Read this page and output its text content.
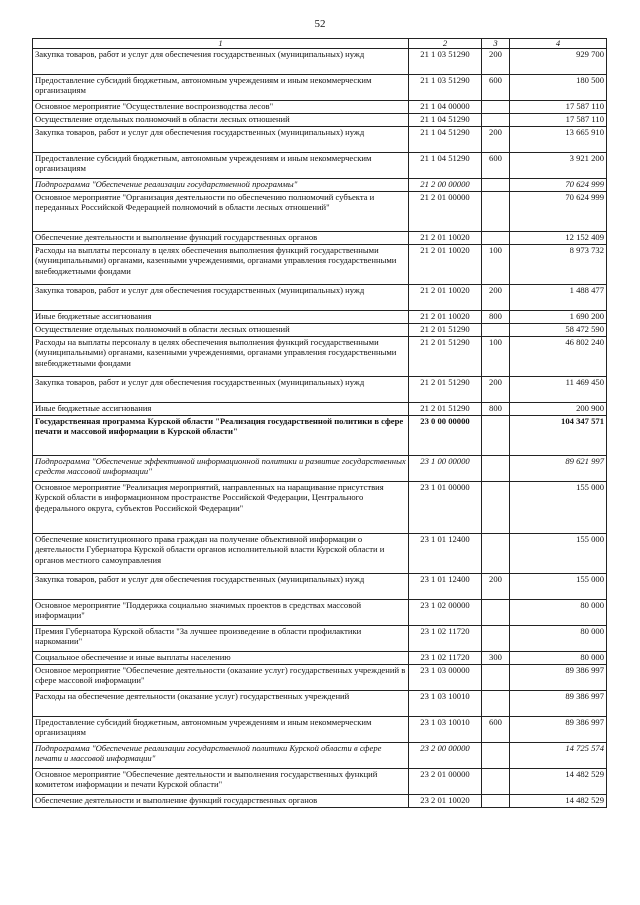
52
1	2	3	4
Закупка товаров, работ и услуг для обеспечения государственных (муниципальных) нужд	21 1 03 51290	200	929 700
Предоставление субсидий бюджетным, автономным учреждениям и иным некоммерческим организациям	21 1 03 51290	600	180 500
Основное мероприятие "Осуществление воспроизводства лесов"	21 1 04 00000		17 587 110
Осуществление отдельных полномочий в области лесных отношений	21 1 04 51290		17 587 110
Закупка товаров, работ и услуг для обеспечения государственных (муниципальных) нужд	21 1 04 51290	200	13 665 910
Предоставление субсидий бюджетным, автономным учреждениям и иным некоммерческим организациям	21 1 04 51290	600	3 921 200
Подпрограмма "Обеспечение реализации государственной программы"	21 2 00 00000		70 624 999
Основное мероприятие "Организация деятельности по обеспечению полномочий субъекта и переданных Российской Федерацией полномочий в области лесных отношений"	21 2 01 00000		70 624 999
Обеспечение деятельности и выполнение функций государственных органов	21 2 01 10020		12 152 409
Расходы на выплаты персоналу в целях обеспечения выполнения функций государственными (муниципальными) органами, казенными учреждениями, органами управления государственными внебюджетными фондами	21 2 01 10020	100	8 973 732
Закупка товаров, работ и услуг для обеспечения государственных (муниципальных) нужд	21 2 01 10020	200	1 488 477
Иные бюджетные ассигнования	21 2 01 10020	800	1 690 200
Осуществление отдельных полномочий в области лесных отношений	21 2 01 51290		58 472 590
Расходы на выплаты персоналу в целях обеспечения выполнения функций государственными (муниципальными) органами, казенными учреждениями, органами управления государственными внебюджетными фондами	21 2 01 51290	100	46 802 240
Закупка товаров, работ и услуг для обеспечения государственных (муниципальных) нужд	21 2 01 51290	200	11 469 450
Иные бюджетные ассигнования	21 2 01 51290	800	200 900
Государственная программа Курской области "Реализация государственной политики в сфере печати и массовой информации в Курской области"	23 0 00 00000		104 347 571
Подпрограмма "Обеспечение эффективной информационной политики и развитие государственных средств массовой информации"	23 1 00 00000		89 621 997
Основное мероприятие "Реализация мероприятий, направленных на наращивание присутствия Курской области в информационном пространстве Российской Федерации, Центрального федерального округа, субъектов Российской Федерации"	23 1 01 00000		155 000
Обеспечение конституционного права граждан на получение объективной информации о деятельности Губернатора Курской области органов исполнительной власти Курской области и органов местного самоуправления	23 1 01 12400		155 000
Закупка товаров, работ и услуг для обеспечения государственных (муниципальных) нужд	23 1 01 12400	200	155 000
Основное мероприятие "Поддержка социально значимых проектов в средствах массовой информации"	23 1 02 00000		80 000
Премия Губернатора Курской области "За лучшее произведение в области профилактики наркомании"	23 1 02 11720		80 000
Социальное обеспечение и иные выплаты населению	23 1 02 11720	300	80 000
Основное мероприятие "Обеспечение деятельности (оказание услуг) государственных учреждений в сфере массовой информации"	23 1 03 00000		89 386 997
Расходы на обеспечение деятельности (оказание услуг) государственных учреждений	23 1 03 10010		89 386 997
Предоставление субсидий бюджетным, автономным учреждениям и иным некоммерческим организациям	23 1 03 10010	600	89 386 997
Подпрограмма "Обеспечение реализации государственной политики Курской области в сфере печати и массовой информации"	23 2 00 00000		14 725 574
Основное мероприятие "Обеспечение деятельности и выполнения государственных функций комитетом информации и печати Курской области"	23 2 01 00000		14 482 529
Обеспечение деятельности и выполнение функций государственных органов	23 2 01 10020		14 482 529
